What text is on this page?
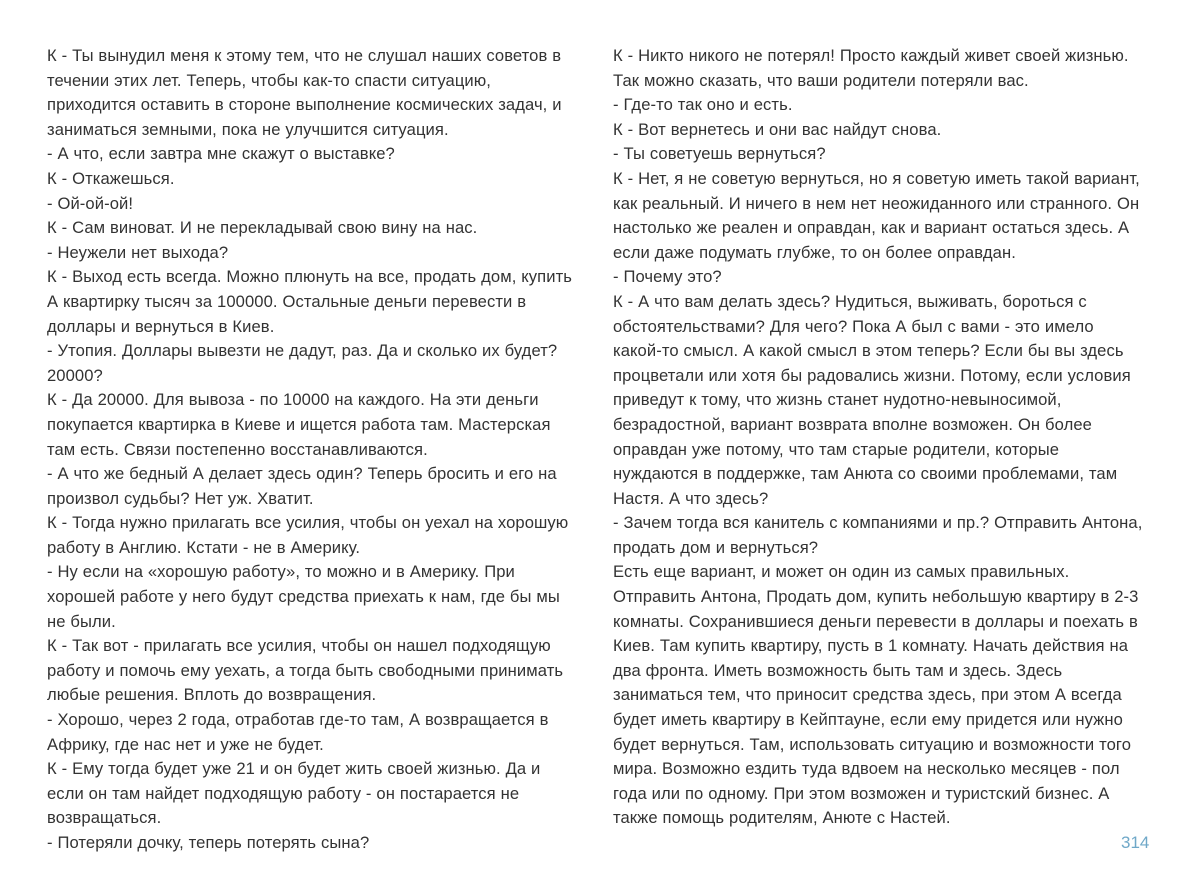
К - Ты вынудил меня к этому тем, что не слушал наших советов в течении этих лет. Теперь, чтобы как-то спасти ситуацию, приходится оставить в стороне выполнение космических задач, и заниматься земными, пока не улучшится ситуация.
- А что, если завтра мне скажут о выставке?
К - Откажешься.
- Ой-ой-ой!
К - Сам виноват. И не перекладывай свою вину на нас.
- Неужели нет выхода?
К - Выход есть всегда. Можно плюнуть на все, продать дом, купить А квартирку тысяч за 100000. Остальные деньги перевести в доллары и вернуться в Киев.
- Утопия. Доллары вывезти не дадут, раз. Да и сколько их будет? 20000?
К - Да 20000. Для вывоза - по 10000 на каждого. На эти деньги покупается квартирка в Киеве и ищется работа там. Мастерская там есть. Связи постепенно восстанавливаются.
- А что же бедный А делает здесь один? Теперь бросить и его на произвол судьбы? Нет уж. Хватит.
К - Тогда нужно прилагать все усилия, чтобы он уехал на хорошую работу в Англию. Кстати - не в Америку.
- Ну если на «хорошую работу», то можно и в Америку. При хорошей работе у него будут средства приехать к нам, где бы мы не были.
К - Так вот - прилагать все усилия, чтобы он нашел подходящую работу и помочь ему уехать, а тогда быть свободными принимать любые решения. Вплоть до возвращения.
- Хорошо, через 2 года, отработав где-то там, А возвращается в Африку, где нас нет и уже не будет.
К - Ему тогда будет уже 21 и он будет жить своей жизнью. Да и если он там найдет подходящую работу - он постарается не возвращаться.
- Потеряли дочку, теперь потерять сына?

К - Никто никого не потерял! Просто каждый живет своей жизнью. Так можно сказать, что ваши родители потеряли вас.
- Где-то так оно и есть.
К - Вот вернетесь и они вас найдут снова.
- Ты советуешь вернуться?
К - Нет, я не советую вернуться, но я советую иметь такой вариант, как реальный. И ничего в нем нет неожиданного или странного. Он настолько же реален и оправдан, как и вариант остаться здесь. А если даже подумать глубже, то он более оправдан.
- Почему это?
К - А что вам делать здесь? Нудиться, выживать, бороться с обстоятельствами? Для чего? Пока А был с вами - это имело какой-то смысл. А какой смысл в этом теперь? Если бы вы здесь процветали или хотя бы радовались жизни. Потому, если условия приведут к тому, что жизнь станет нудотно-невыносимой, безрадостной, вариант возврата вполне возможен. Он более оправдан уже потому, что там старые родители, которые нуждаются в поддержке, там Анюта со своими проблемами, там Настя. А что здесь?
- Зачем тогда вся канитель с компаниями и пр.? Отправить Антона, продать дом и вернуться?
Есть еще вариант, и может он один из самых правильных. Отправить Антона, Продать дом, купить небольшую квартиру в 2-3 комнаты. Сохранившиеся деньги перевести в доллары и поехать в Киев. Там купить квартиру, пусть в 1 комнату. Начать действия на два фронта. Иметь возможность быть там и здесь. Здесь заниматься тем, что приносит средства здесь, при этом А всегда будет иметь квартиру в Кейптауне, если ему придется или нужно будет вернуться. Там, использовать ситуацию и возможности того мира. Возможно ездить туда вдвоем на несколько месяцев - пол года или по одному. При этом возможен и туристский бизнес. А также помощь родителям, Анюте с Настей.

314
